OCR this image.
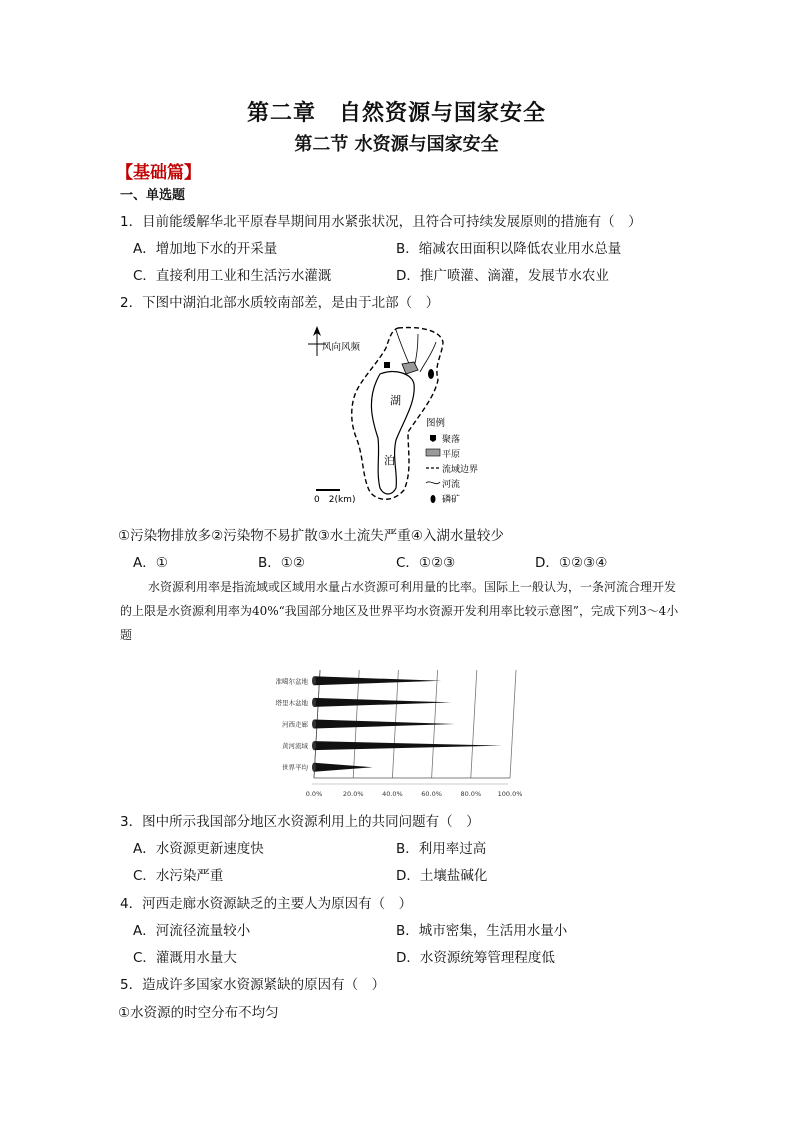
第二章　自然资源与国家安全
第二节 水资源与国家安全
【基础篇】
一、单选题
1．目前能缓解华北平原春旱期间用水紧张状况，且符合可持续发展原则的措施有（　）
A．增加地下水的开采量	B．缩减农田面积以降低农业用水总量
C．直接利用工业和生活污水灌溉	D．推广喷灌、滴灌，发展节水农业
2．下图中湖泊北部水质较南部差，是由于北部（　）
风向风频
湖
泊
0　2(km)
图例
聚落
平原
流域边界
河流
磷矿
①污染物排放多②污染物不易扩散③水土流失严重④入湖水量较少
A．①	B．①②	C．①②③	D．①②③④
水资源利用率是指流域或区域用水量占水资源可利用量的比率。国际上一般认为，一条河流合理开发的上限是水资源利用率为40%“我国部分地区及世界平均水资源开发利用率比较示意图”，完成下列3～4小题
0.0%	20.0%	40.0%	60.0%	80.0%	100.0%
准噶尔盆地
塔里木盆地
河西走廊
黄河流域
世界平均
3．图中所示我国部分地区水资源利用上的共同问题有（　）
A．水资源更新速度快	B．利用率过高
C．水污染严重	D．土壤盐碱化
4．河西走廊水资源缺乏的主要人为原因有（　）
A．河流径流量较小	B．城市密集，生活用水量小
C．灌溉用水量大	D．水资源统筹管理程度低
5．造成许多国家水资源紧缺的原因有（　）
①水资源的时空分布不均匀
